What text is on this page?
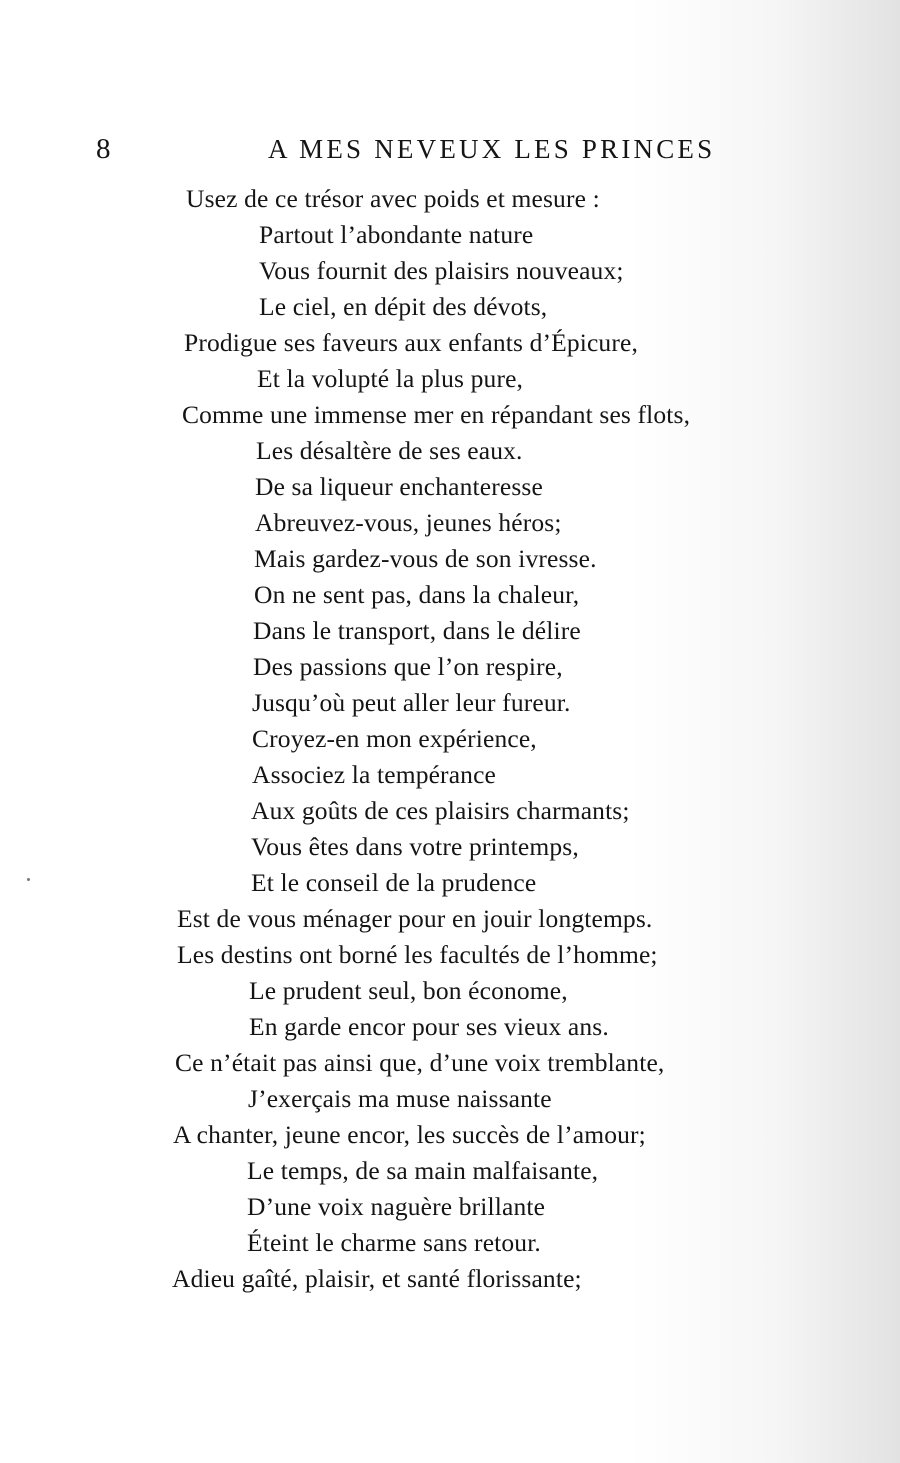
8	A MES NEVEUX LES PRINCES
Usez de ce trésor avec poids et mesure :
Partout l’abondante nature
Vous fournit des plaisirs nouveaux;
Le ciel, en dépit des dévots,
Prodigue ses faveurs aux enfants d’Épicure,
Et la volupté la plus pure,
Comme une immense mer en répandant ses flots,
Les désaltère de ses eaux.
De sa liqueur enchanteresse
Abreuvez-vous, jeunes héros;
Mais gardez-vous de son ivresse.
On ne sent pas, dans la chaleur,
Dans le transport, dans le délire
Des passions que l’on respire,
Jusqu’où peut aller leur fureur.
Croyez-en mon expérience,
Associez la tempérance
Aux goûts de ces plaisirs charmants;
Vous êtes dans votre printemps,
Et le conseil de la prudence
Est de vous ménager pour en jouir longtemps.
Les destins ont borné les facultés de l’homme;
Le prudent seul, bon économe,
En garde encor pour ses vieux ans.
Ce n’était pas ainsi que, d’une voix tremblante,
J’exerçais ma muse naissante
A chanter, jeune encor, les succès de l’amour;
Le temps, de sa main malfaisante,
D’une voix naguère brillante
Éteint le charme sans retour.
Adieu gaîté, plaisir, et santé florissante;
